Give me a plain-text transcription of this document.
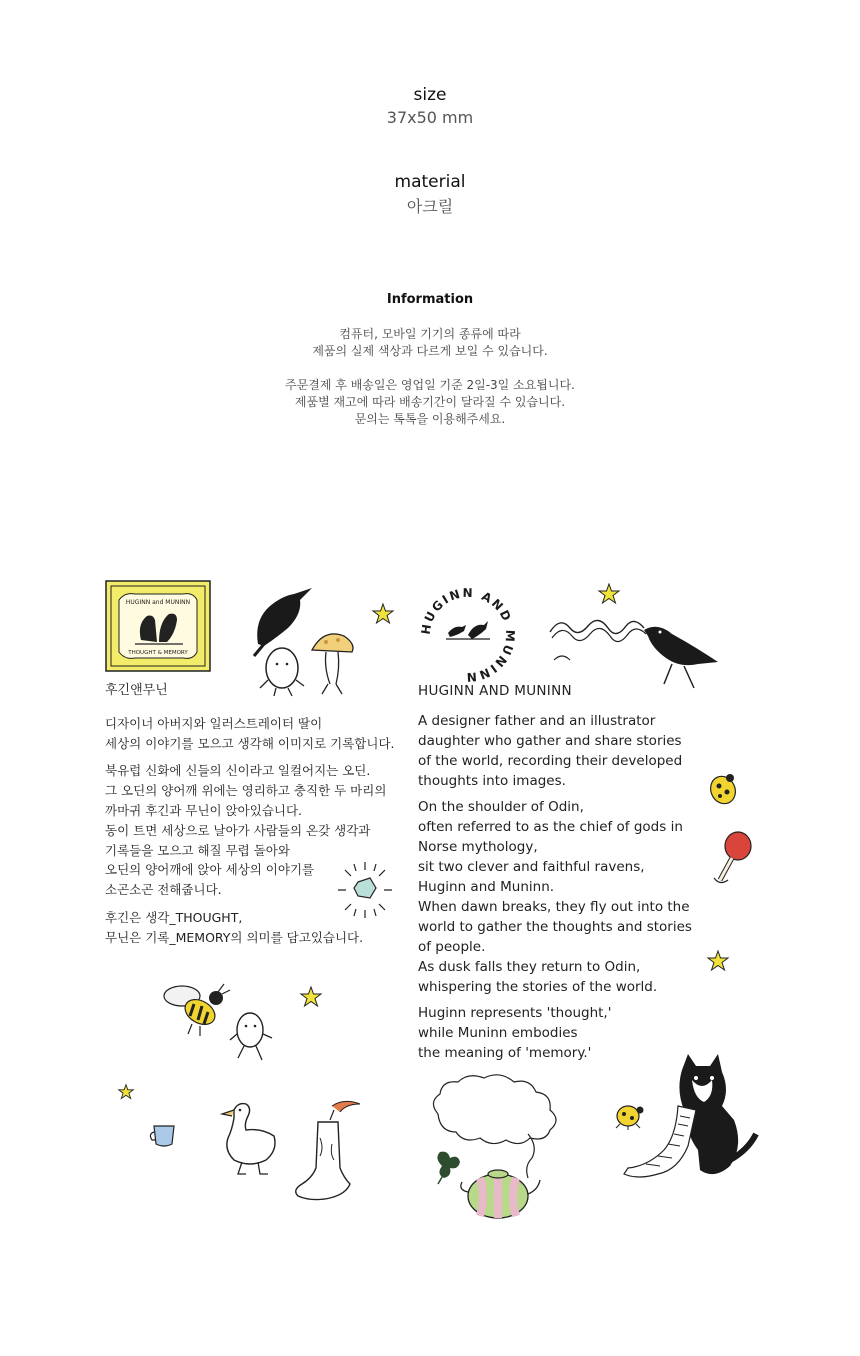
size
37x50 mm
material
아크릴
Information
컴퓨터, 모바일 기기의 종류에 따라
제품의 실제 색상과 다르게 보일 수 있습니다.
주문결제 후 배송일은 영업일 기준 2일-3일 소요됩니다.
제품별 재고에 따라 배송기간이 달라질 수 있습니다.
문의는 톡톡을 이용해주세요.
HUGINN and MUNINN
THOUGHT & MEMORY
HUGINN AND MUNINN
후긴앤무닌
디자이너 아버지와 일러스트레이터 딸이
세상의 이야기를 모으고 생각해 이미지로 기록합니다.
북유럽 신화에 신들의 신이라고 일컬어지는 오딘.
그 오딘의 양어깨 위에는 영리하고 충직한 두 마리의
까마귀 후긴과 무닌이 앉아있습니다.
동이 트면 세상으로 날아가 사람들의 온갖 생각과
기록들을 모으고 해질 무렵 돌아와
오딘의 양어깨에 앉아 세상의 이야기를
소곤소곤 전해줍니다.
후긴은 생각_THOUGHT,
무닌은 기록_MEMORY의 의미를 담고있습니다.
HUGINN AND MUNINN
A designer father and an illustrator
daughter who gather and share stories
of the world, recording their developed
thoughts into images.
On the shoulder of Odin,
often referred to as the chief of gods in
Norse mythology,
sit two clever and faithful ravens,
Huginn and Muninn.
When dawn breaks, they fly out into the
world to gather the thoughts and stories
of people.
As dusk falls they return to Odin,
whispering the stories of the world.
Huginn represents 'thought,'
while Muninn embodies
the meaning of 'memory.'
